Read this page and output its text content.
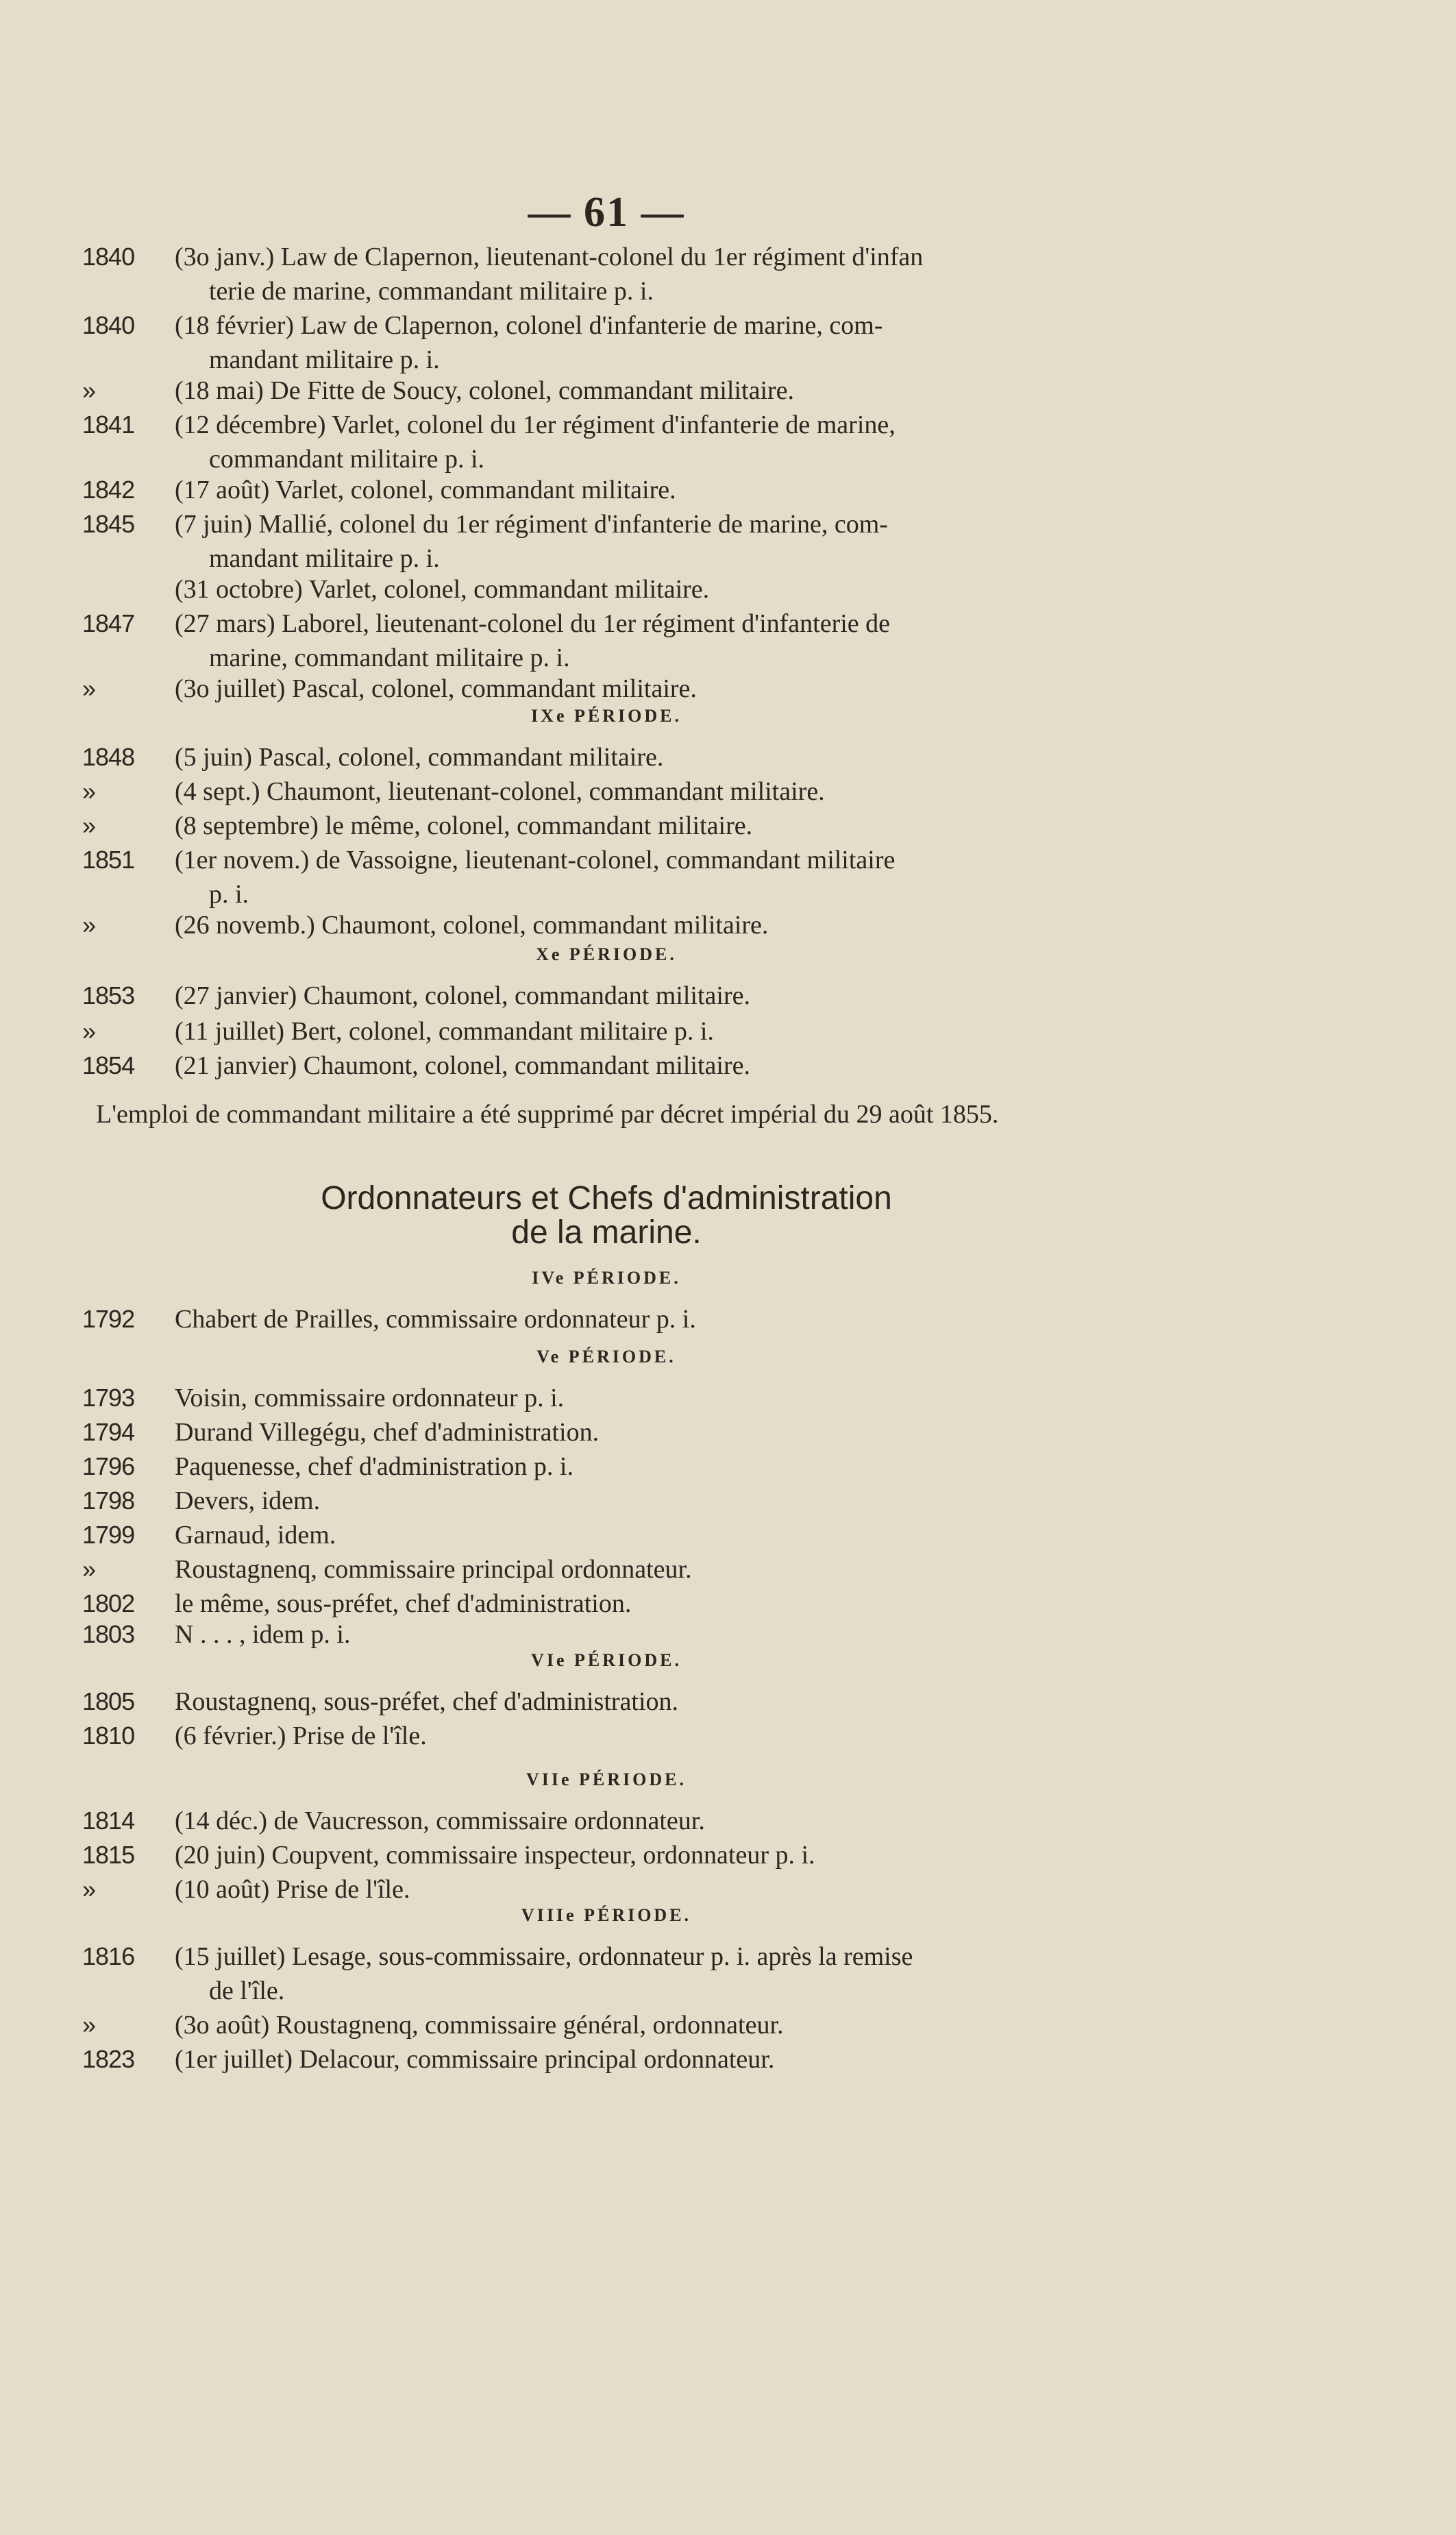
— 61 —
1840	(3o janv.) Law de Clapernon, lieutenant-colonel du 1er régiment d'infan
terie de marine, commandant militaire p. i.
1840	(18 février) Law de Clapernon, colonel d'infanterie de marine, com-
mandant militaire p. i.
»	(18 mai) De Fitte de Soucy, colonel, commandant militaire.
1841	(12 décembre) Varlet, colonel du 1er régiment d'infanterie de marine,
commandant militaire p. i.
1842	(17 août) Varlet, colonel, commandant militaire.
1845	(7 juin) Mallié, colonel du 1er régiment d'infanterie de marine, com-
mandant militaire p. i.
(31 octobre) Varlet, colonel, commandant militaire.
1847	(27 mars) Laborel, lieutenant-colonel du 1er régiment d'infanterie de
marine, commandant militaire p. i.
»	(3o juillet) Pascal, colonel, commandant militaire.
IXe PÉRIODE.
1848	(5 juin) Pascal, colonel, commandant militaire.
»	(4 sept.) Chaumont, lieutenant-colonel, commandant militaire.
»	(8 septembre) le même, colonel, commandant militaire.
1851	(1er novem.) de Vassoigne, lieutenant-colonel, commandant militaire
p. i.
»	(26 novemb.) Chaumont, colonel, commandant militaire.
Xe PÉRIODE.
1853	(27 janvier) Chaumont, colonel, commandant militaire.
»	(11 juillet) Bert, colonel, commandant militaire p. i.
1854	(21 janvier) Chaumont, colonel, commandant militaire.
L'emploi de commandant militaire a été supprimé par décret impérial du 29 août 1855.
Ordonnateurs et Chefs d'administration
de la marine.
IVe PÉRIODE.
1792	Chabert de Prailles, commissaire ordonnateur p. i.
Ve PÉRIODE.
1793	Voisin, commissaire ordonnateur p. i.
1794	Durand Villegégu, chef d'administration.
1796	Paquenesse, chef d'administration p. i.
1798	Devers, idem.
1799	Garnaud, idem.
»	Roustagnenq, commissaire principal ordonnateur.
1802	le même, sous-préfet, chef d'administration.
1803	N . . . , idem p. i.
VIe PÉRIODE.
1805	Roustagnenq, sous-préfet, chef d'administration.
1810	(6 février.) Prise de l'île.
VIIe PÉRIODE.
1814	(14 déc.) de Vaucresson, commissaire ordonnateur.
1815	(20 juin) Coupvent, commissaire inspecteur, ordonnateur p. i.
»	(10 août) Prise de l'île.
VIIIe PÉRIODE.
1816	(15 juillet) Lesage, sous-commissaire, ordonnateur p. i. après la remise
de l'île.
»	(3o août) Roustagnenq, commissaire général, ordonnateur.
1823	(1er juillet) Delacour, commissaire principal ordonnateur.
